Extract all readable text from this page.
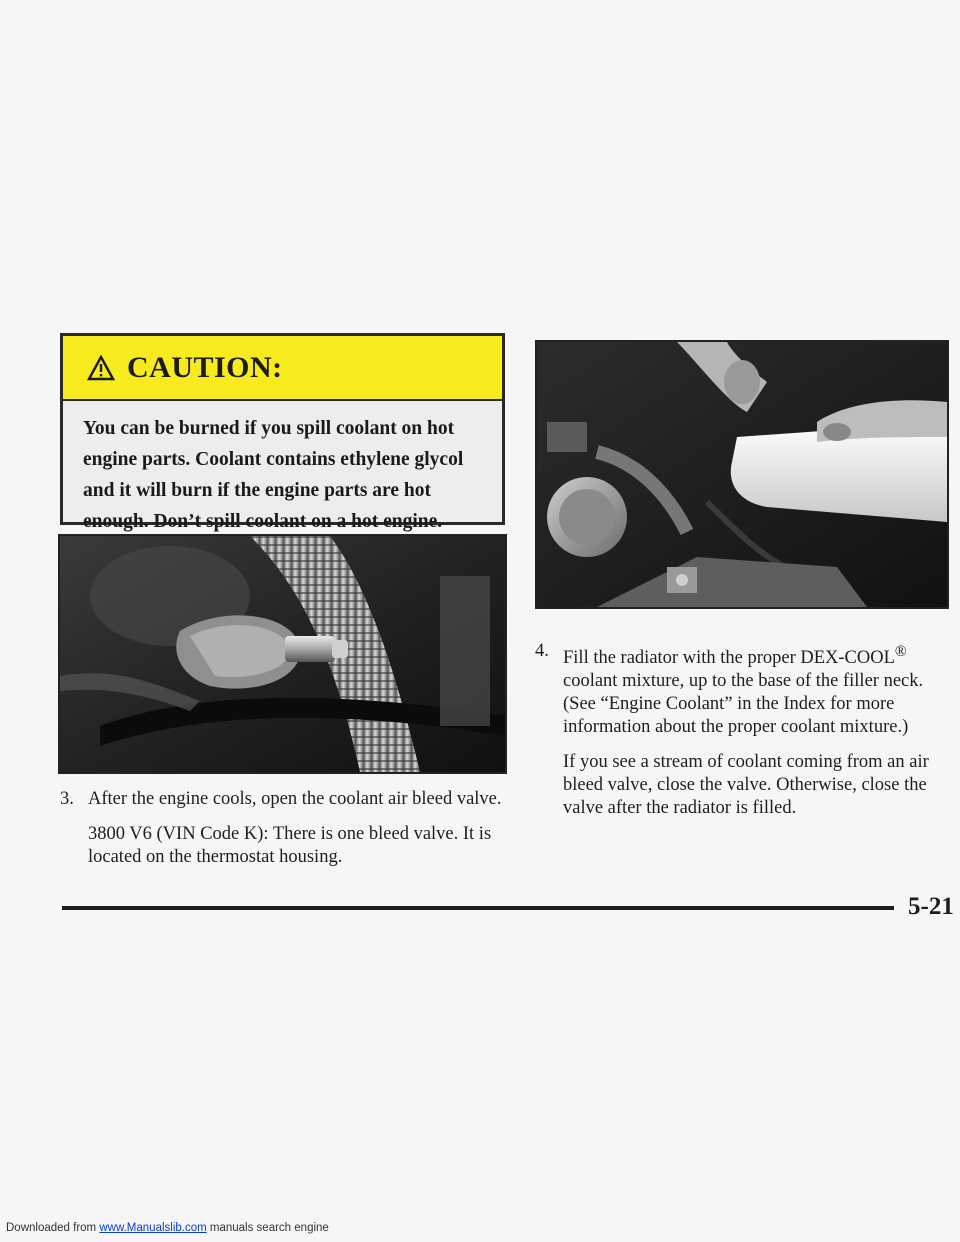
CAUTION:
You can be burned if you spill coolant on hot engine parts. Coolant contains ethylene glycol and it will burn if the engine parts are hot enough. Don’t spill coolant on a hot engine.
3. After the engine cools, open the coolant air bleed valve.

3800 V6 (VIN Code K): There is one bleed valve. It is located on the thermostat housing.

4. Fill the radiator with the proper DEX-COOL® coolant mixture, up to the base of the filler neck. (See “Engine Coolant” in the Index for more information about the proper coolant mixture.)

If you see a stream of coolant coming from an air bleed valve, close the valve. Otherwise, close the valve after the radiator is filled.

5-21
Downloaded from www.Manualslib.com manuals search engine
